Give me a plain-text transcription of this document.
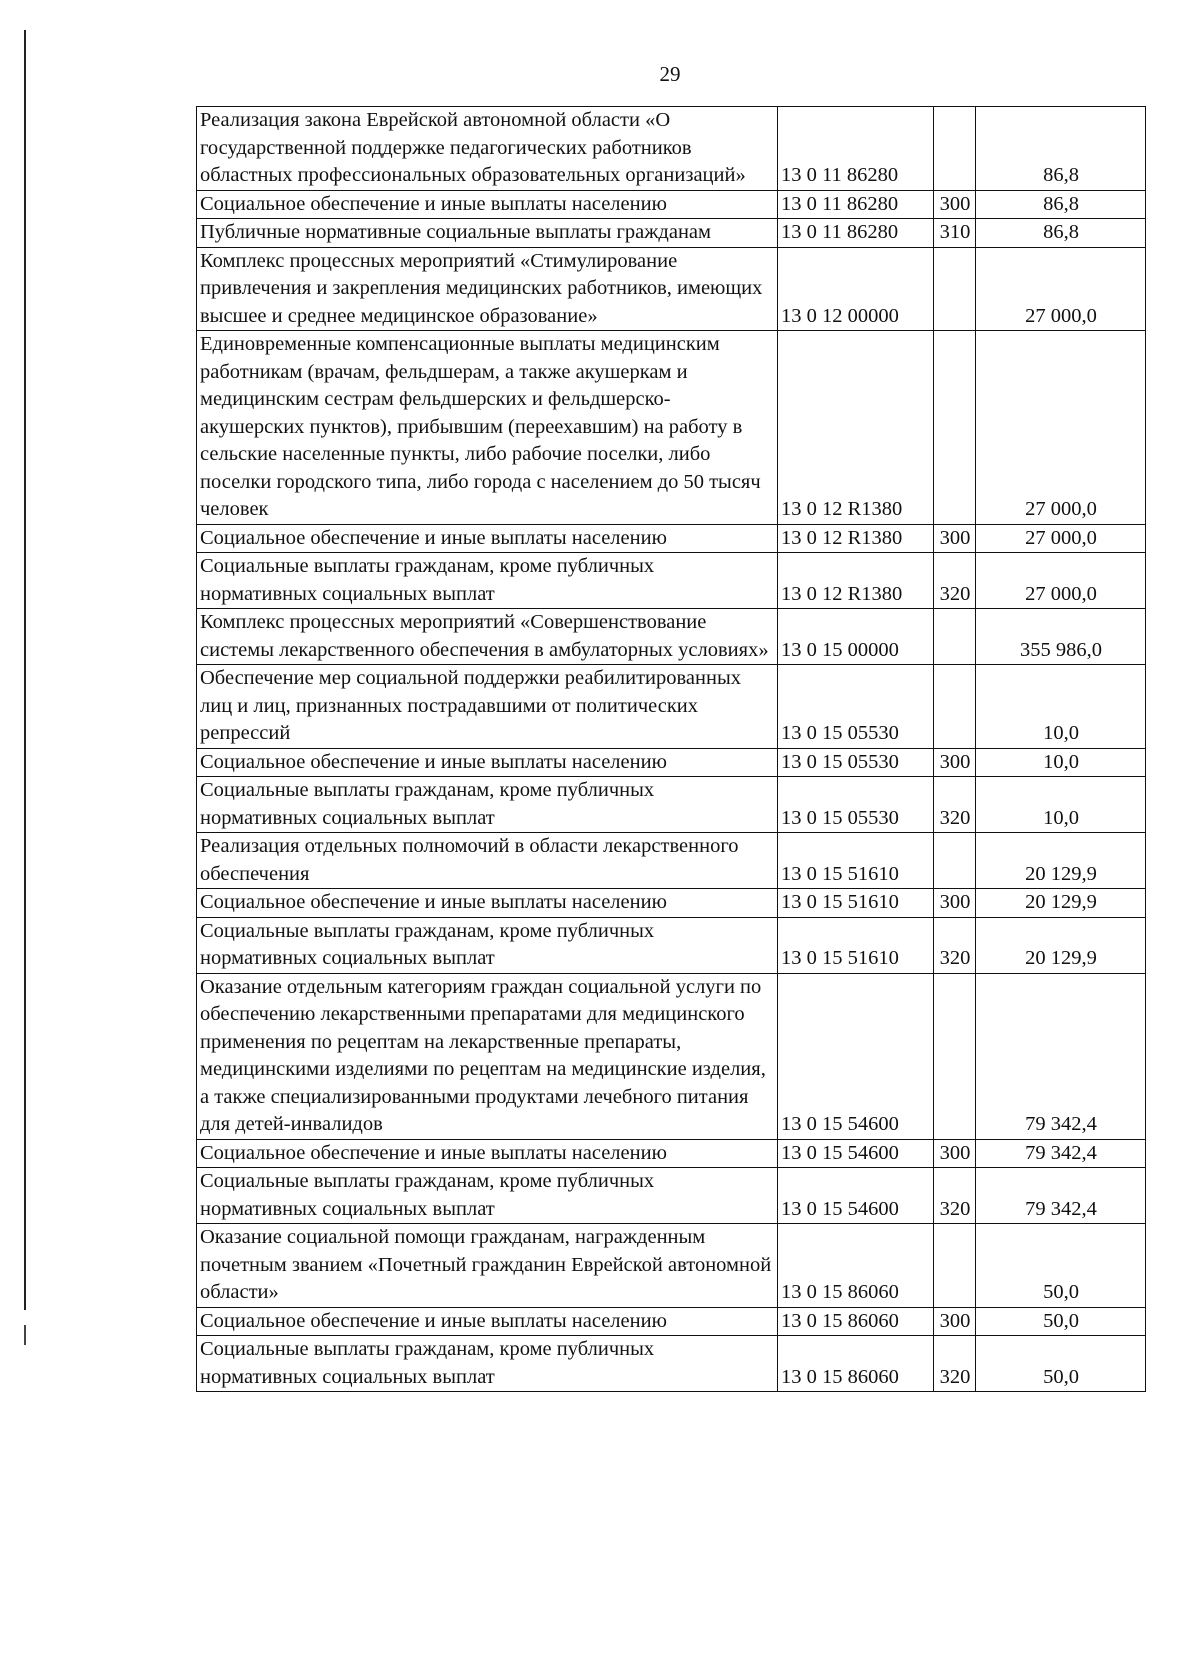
29
Реализация закона Еврейской автономной области «О государственной поддержке педагогических работников областных профессиональных образовательных организаций»	13 0 11 86280		86,8
Социальное обеспечение и иные выплаты населению	13 0 11 86280	300	86,8
Публичные нормативные социальные выплаты гражданам	13 0 11 86280	310	86,8
Комплекс процессных мероприятий «Стимулирование привлечения и закрепления медицинских работников, имеющих высшее и среднее медицинское образование»	13 0 12 00000		27 000,0
Единовременные компенсационные выплаты медицинским работникам (врачам, фельдшерам, а также акушеркам и медицинским сестрам фельдшерских и фельдшерско-акушерских пунктов), прибывшим (переехавшим) на работу в сельские населенные пункты, либо рабочие поселки, либо поселки городского типа, либо города с населением до 50 тысяч человек	13 0 12 R1380		27 000,0
Социальное обеспечение и иные выплаты населению	13 0 12 R1380	300	27 000,0
Социальные выплаты гражданам, кроме публичных нормативных социальных выплат	13 0 12 R1380	320	27 000,0
Комплекс процессных мероприятий «Совершенствование системы лекарственного обеспечения в амбулаторных условиях»	13 0 15 00000		355 986,0
Обеспечение мер социальной поддержки реабилитированных лиц и лиц, признанных пострадавшими от политических репрессий	13 0 15 05530		10,0
Социальное обеспечение и иные выплаты населению	13 0 15 05530	300	10,0
Социальные выплаты гражданам, кроме публичных нормативных социальных выплат	13 0 15 05530	320	10,0
Реализация отдельных полномочий в области лекарственного обеспечения	13 0 15 51610		20 129,9
Социальное обеспечение и иные выплаты населению	13 0 15 51610	300	20 129,9
Социальные выплаты гражданам, кроме публичных нормативных социальных выплат	13 0 15 51610	320	20 129,9
Оказание отдельным категориям граждан социальной услуги по обеспечению лекарственными препаратами для медицинского применения по рецептам на лекарственные препараты, медицинскими изделиями по рецептам на медицинские изделия, а также специализированными продуктами лечебного питания для детей-инвалидов	13 0 15 54600		79 342,4
Социальное обеспечение и иные выплаты населению	13 0 15 54600	300	79 342,4
Социальные выплаты гражданам, кроме публичных нормативных социальных выплат	13 0 15 54600	320	79 342,4
Оказание социальной помощи гражданам, награжденным почетным званием «Почетный гражданин Еврейской автономной области»	13 0 15 86060		50,0
Социальное обеспечение и иные выплаты населению	13 0 15 86060	300	50,0
Социальные выплаты гражданам, кроме публичных нормативных социальных выплат	13 0 15 86060	320	50,0
